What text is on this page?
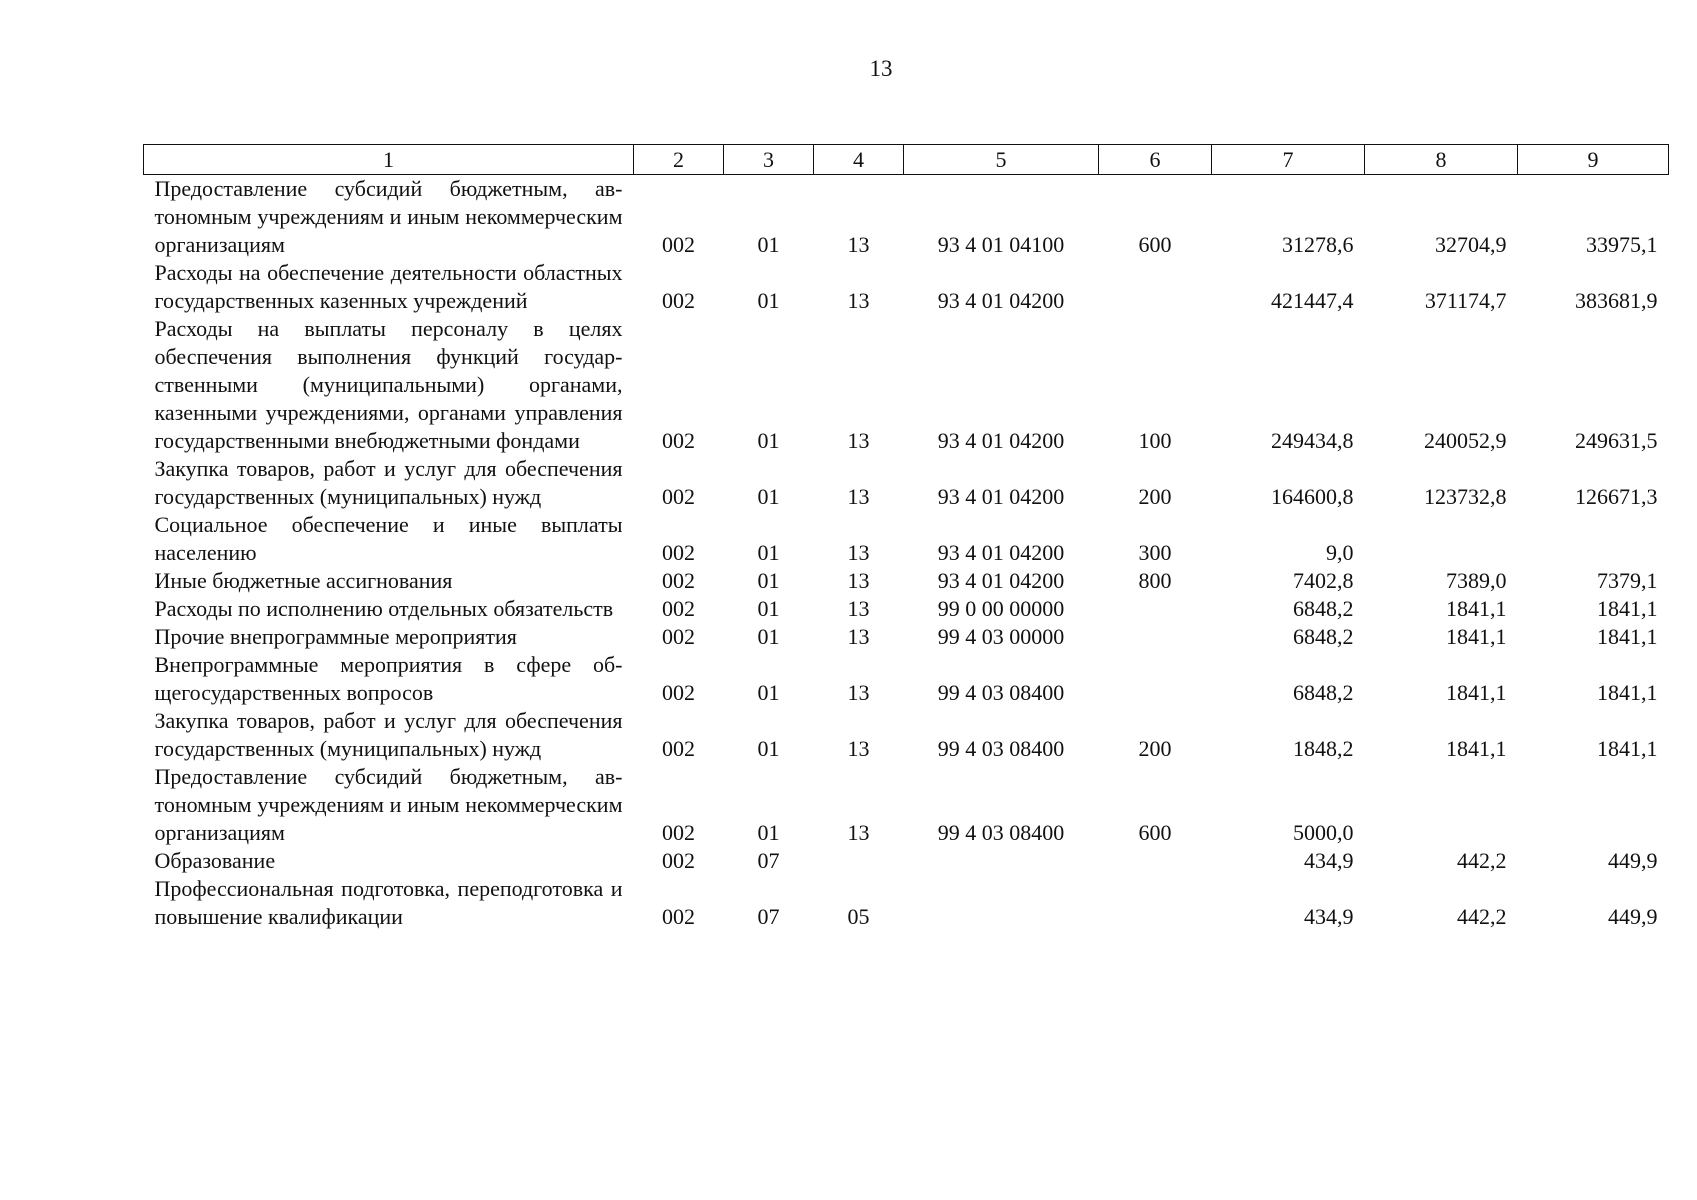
13
1	2	3	4	5	6	7	8	9
Предоставление субсидий бюджетным, автономным учреждениям и иным некоммерческим организациям	002	01	13	93 4 01 04100	600	31278,6	32704,9	33975,1
Расходы на обеспечение деятельности областных государственных казенных учреждений	002	01	13	93 4 01 04200		421447,4	371174,7	383681,9
Расходы на выплаты персоналу в целях обеспечения выполнения функций государственными (муниципальными) органами, казенными учреждениями, органами управления государственными внебюджетными фондами	002	01	13	93 4 01 04200	100	249434,8	240052,9	249631,5
Закупка товаров, работ и услуг для обеспечения государственных (муниципальных) нужд	002	01	13	93 4 01 04200	200	164600,8	123732,8	126671,3
Социальное обеспечение и иные выплаты населению	002	01	13	93 4 01 04200	300	9,0		
Иные бюджетные ассигнования	002	01	13	93 4 01 04200	800	7402,8	7389,0	7379,1
Расходы по исполнению отдельных обязательств	002	01	13	99 0 00 00000		6848,2	1841,1	1841,1
Прочие внепрограммные мероприятия	002	01	13	99 4 03 00000		6848,2	1841,1	1841,1
Внепрограммные мероприятия в сфере общегосударственных вопросов	002	01	13	99 4 03 08400		6848,2	1841,1	1841,1
Закупка товаров, работ и услуг для обеспечения государственных (муниципальных) нужд	002	01	13	99 4 03 08400	200	1848,2	1841,1	1841,1
Предоставление субсидий бюджетным, автономным учреждениям и иным некоммерческим организациям	002	01	13	99 4 03 08400	600	5000,0		
Образование	002	07				434,9	442,2	449,9
Профессиональная подготовка, переподготовка и повышение квалификации	002	07	05			434,9	442,2	449,9
